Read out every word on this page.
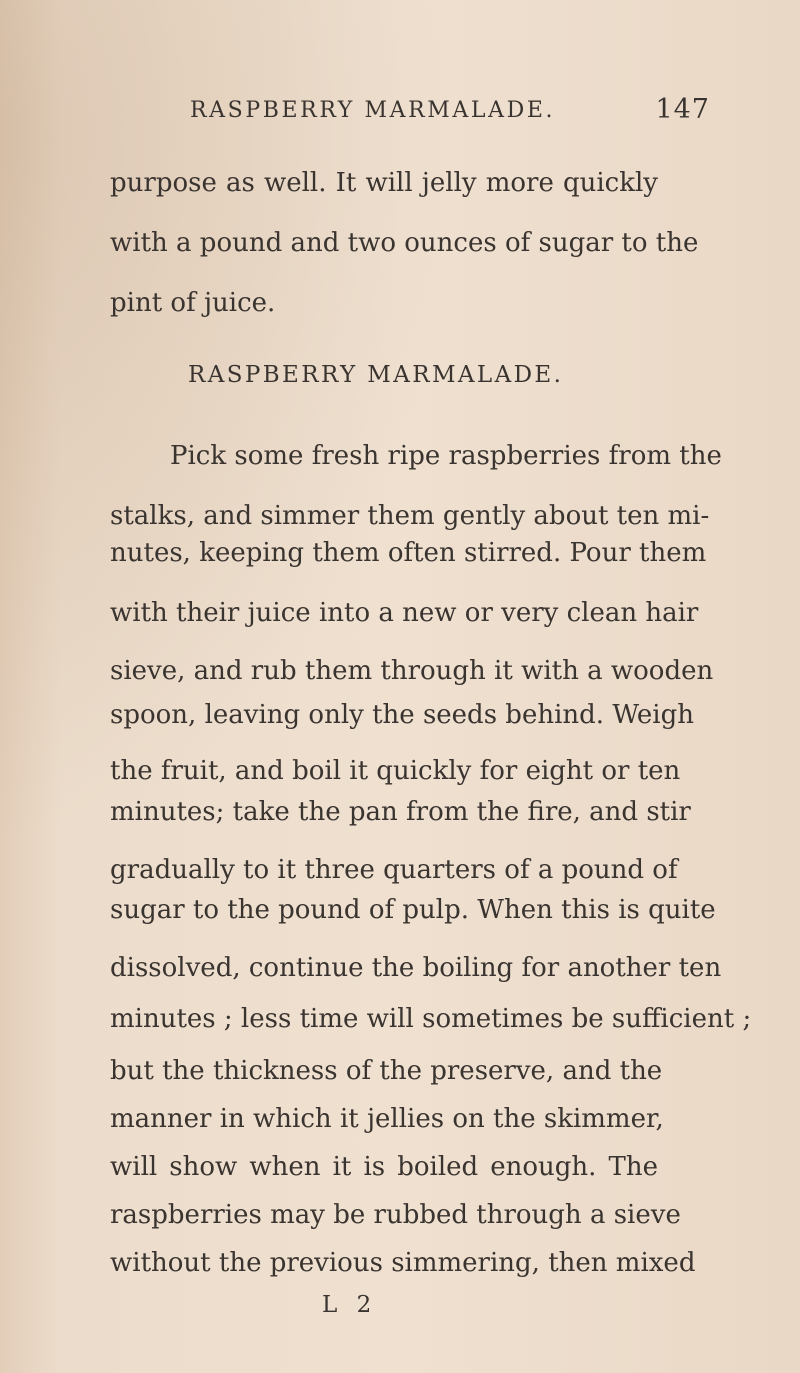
RASPBERRY MARMALADE.	147
purpose as well. It will jelly more quickly
with a pound and two ounces of sugar to the
pint of juice.
RASPBERRY MARMALADE.
Pick some fresh ripe raspberries from the
stalks, and simmer them gently about ten mi-
nutes, keeping them often stirred. Pour them
with their juice into a new or very clean hair
sieve, and rub them through it with a wooden
spoon, leaving only the seeds behind. Weigh
the fruit, and boil it quickly for eight or ten
minutes; take the pan from the fire, and stir
gradually to it three quarters of a pound of
sugar to the pound of pulp. When this is quite
dissolved, continue the boiling for another ten
minutes ; less time will sometimes be sufficient ;
but the thickness of the preserve, and the
manner in which it jellies on the skimmer,
will show when it is boiled enough. The
raspberries may be rubbed through a sieve
without the previous simmering, then mixed
L 2
